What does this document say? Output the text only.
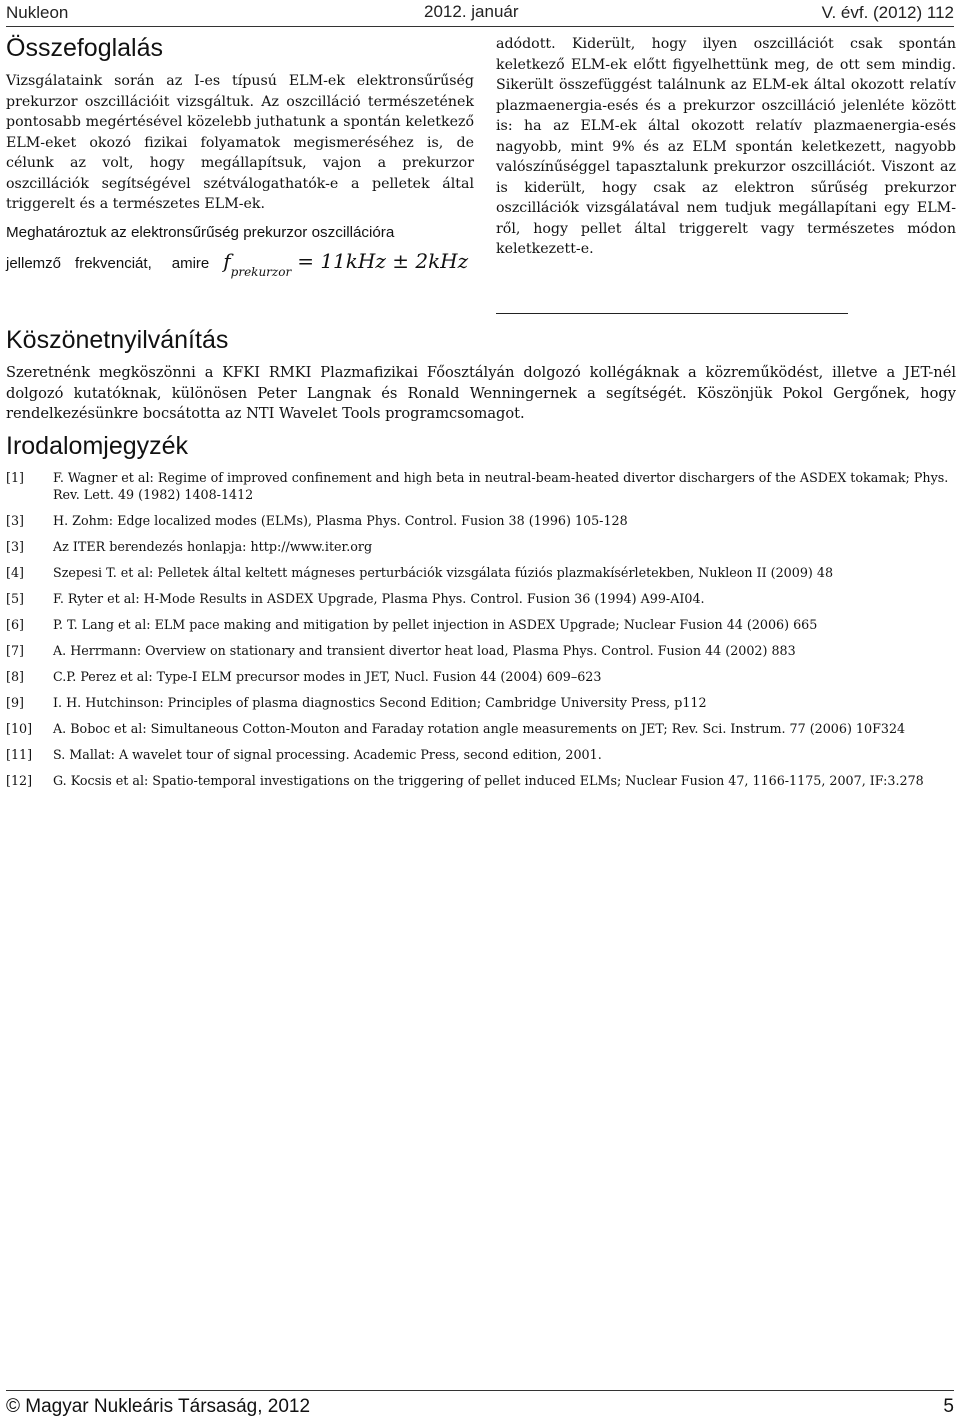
Nukleon	2012. január	V. évf. (2012) 112
Összefoglalás

Vizsgálataink során az I-es típusú ELM-ek elektronsűrűség prekurzor oszcillációit vizsgáltuk. Az oszcilláció természetének pontosabb megértésével közelebb juthatunk a spontán keletkező ELM-eket okozó fizikai folyamatok megismeréséhez is, de célunk az volt, hogy megállapítsuk, vajon a prekurzor oszcillációk segítségével szétválogathatók-e a pelletek által triggerelt és a természetes ELM-ek.

Meghatároztuk az elektronsűrűség prekurzor oszcillációra

jellemző frekvenciát, amire $f_{prekurzor} = 11kHz \pm 2kHz$

adódott. Kiderült, hogy ilyen oszcillációt csak spontán keletkező ELM-ek előtt figyelhettünk meg, de ott sem mindig. Sikerült összefüggést találnunk az ELM-ek által okozott relatív plazmaenergia-esés és a prekurzor oszcilláció jelenléte között is: ha az ELM-ek által okozott relatív plazmaenergia-esés nagyobb, mint 9% és az ELM spontán keletkezett, nagyobb valószínűséggel tapasztalunk prekurzor oszcillációt. Viszont az is kiderült, hogy csak az elektron sűrűség prekurzor oszcillációk vizsgálatával nem tudjuk megállapítani egy ELM-ről, hogy pellet által triggerelt vagy természetes módon keletkezett-e.

Köszönetnyilvánítás

Szeretnénk megköszönni a KFKI RMKI Plazmafizikai Főosztályán dolgozó kollégáknak a közreműködést, illetve a JET-nél dolgozó kutatóknak, különösen Peter Langnak és Ronald Wenningernek a segítségét. Köszönjük Pokol Gergőnek, hogy rendelkezésünkre bocsátotta az NTI Wavelet Tools programcsomagot.

Irodalomjegyzék
[1]	F. Wagner et al: Regime of improved confinement and high beta in neutral-beam-heated divertor dischargers of the ASDEX tokamak; Phys. Rev. Lett. 49 (1982) 1408-1412
[3]	H. Zohm: Edge localized modes (ELMs), Plasma Phys. Control. Fusion 38 (1996) 105-128
[3]	Az ITER berendezés honlapja: http://www.iter.org
[4]	Szepesi T. et al: Pelletek által keltett mágneses perturbációk vizsgálata fúziós plazmakísérletekben, Nukleon II (2009) 48
[5]	F. Ryter et al: H-Mode Results in ASDEX Upgrade, Plasma Phys. Control. Fusion 36 (1994) A99-AI04.
[6]	P. T. Lang et al: ELM pace making and mitigation by pellet injection in ASDEX Upgrade; Nuclear Fusion 44 (2006) 665
[7]	A. Herrmann: Overview on stationary and transient divertor heat load, Plasma Phys. Control. Fusion 44 (2002) 883
[8]	C.P. Perez et al: Type-I ELM precursor modes in JET, Nucl. Fusion 44 (2004) 609–623
[9]	I. H. Hutchinson: Principles of plasma diagnostics Second Edition; Cambridge University Press, p112
[10]	A. Boboc et al: Simultaneous Cotton-Mouton and Faraday rotation angle measurements on JET; Rev. Sci. Instrum. 77 (2006) 10F324
[11]	S. Mallat: A wavelet tour of signal processing. Academic Press, second edition, 2001.
[12]	G. Kocsis et al: Spatio-temporal investigations on the triggering of pellet induced ELMs; Nuclear Fusion 47, 1166-1175, 2007, IF:3.278
© Magyar Nukleáris Társaság, 2012	5
